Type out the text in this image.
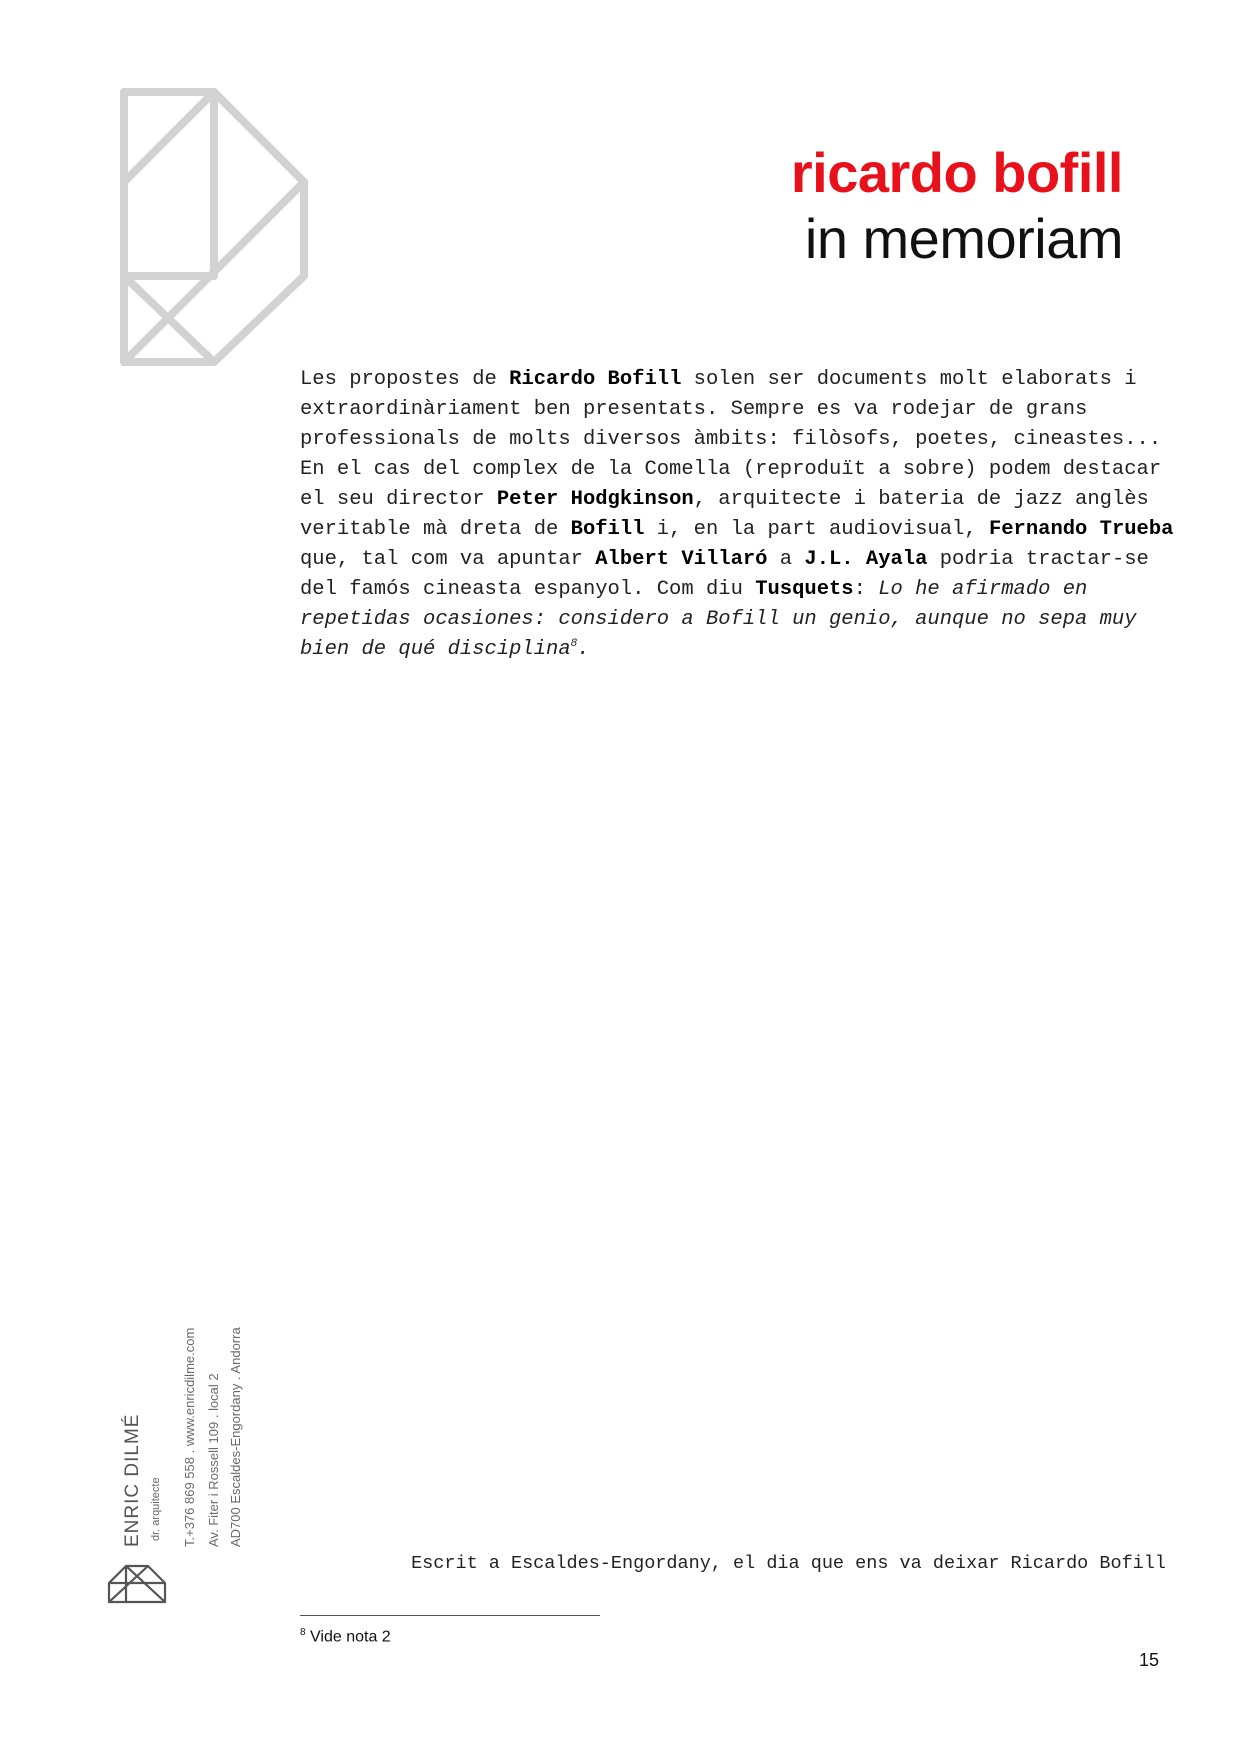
ricardo bofill
in memoriam

Les propostes de Ricardo Bofill solen ser documents molt elaborats i extraordinàriament ben presentats. Sempre es va rodejar de grans professionals de molts diversos àmbits: filòsofs, poetes, cineastes... En el cas del complex de la Comella (reproduït a sobre) podem destacar el seu director Peter Hodgkinson, arquitecte i bateria de jazz anglès veritable mà dreta de Bofill i, en la part audiovisual, Fernando Trueba que, tal com va apuntar Albert Villaró a J.L. Ayala podria tractar-se del famós cineasta espanyol. Com diu Tusquets: Lo he afirmado en repetidas ocasiones: considero a Bofill un genio, aunque no sepa muy bien de qué disciplina$^8$.

ENRIC DILMÉ dr. arquitecte T.+376 869 558 . www.enricdilme.com Av. Fiter i Rossell 109 . local 2 AD700 Escaldes-Engordany . Andorra
Escrit a Escaldes-Engordany, el dia que ens va deixar Ricardo Bofill
$^8$ Vide nota 2
15
